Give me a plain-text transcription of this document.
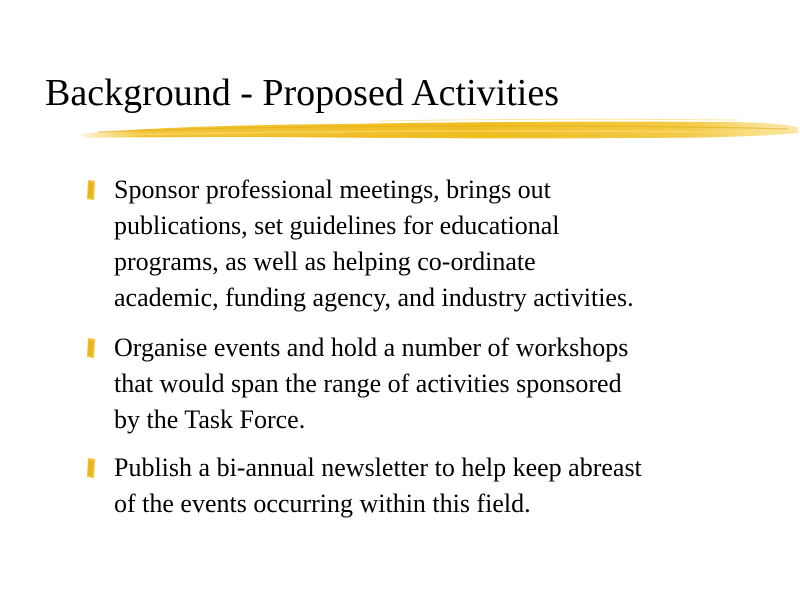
Background - Proposed Activities

Sponsor professional meetings, brings out
publications, set guidelines for educational
programs, as well as helping co-ordinate
academic, funding agency, and industry activities.

Organise events and hold a number of workshops
that would span the range of activities sponsored
by the Task Force.

Publish a bi-annual newsletter to help keep abreast
of the events occurring within this field.
